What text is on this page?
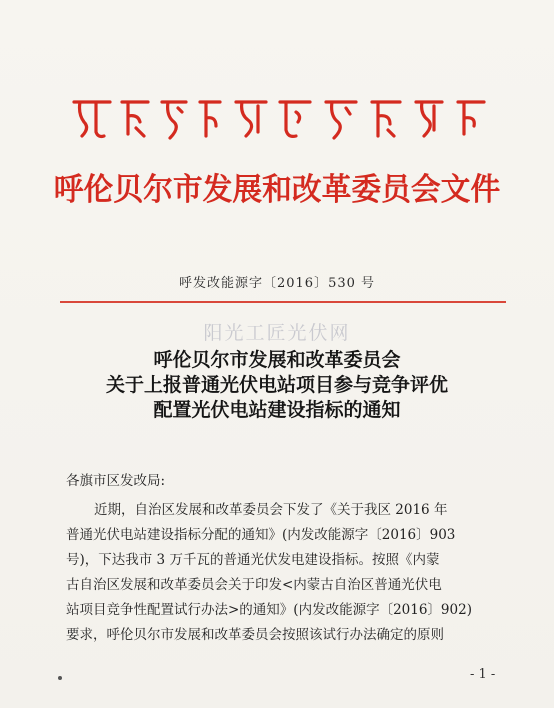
呼伦贝尔市发展和改革委员会文件
呼发改能源字〔2016〕530 号
阳光工匠光伏网
呼伦贝尔市发展和改革委员会
关于上报普通光伏电站项目参与竞争评优
配置光伏电站建设指标的通知
各旗市区发改局:
近期，自治区发展和改革委员会下发了《关于我区 2016 年
普通光伏电站建设指标分配的通知》(内发改能源字〔2016〕903
号)，下达我市 3 万千瓦的普通光伏发电建设指标。按照《内蒙
古自治区发展和改革委员会关于印发<内蒙古自治区普通光伏电
站项目竞争性配置试行办法>的通知》(内发改能源字〔2016〕902)
要求，呼伦贝尔市发展和改革委员会按照该试行办法确定的原则
- 1 -
